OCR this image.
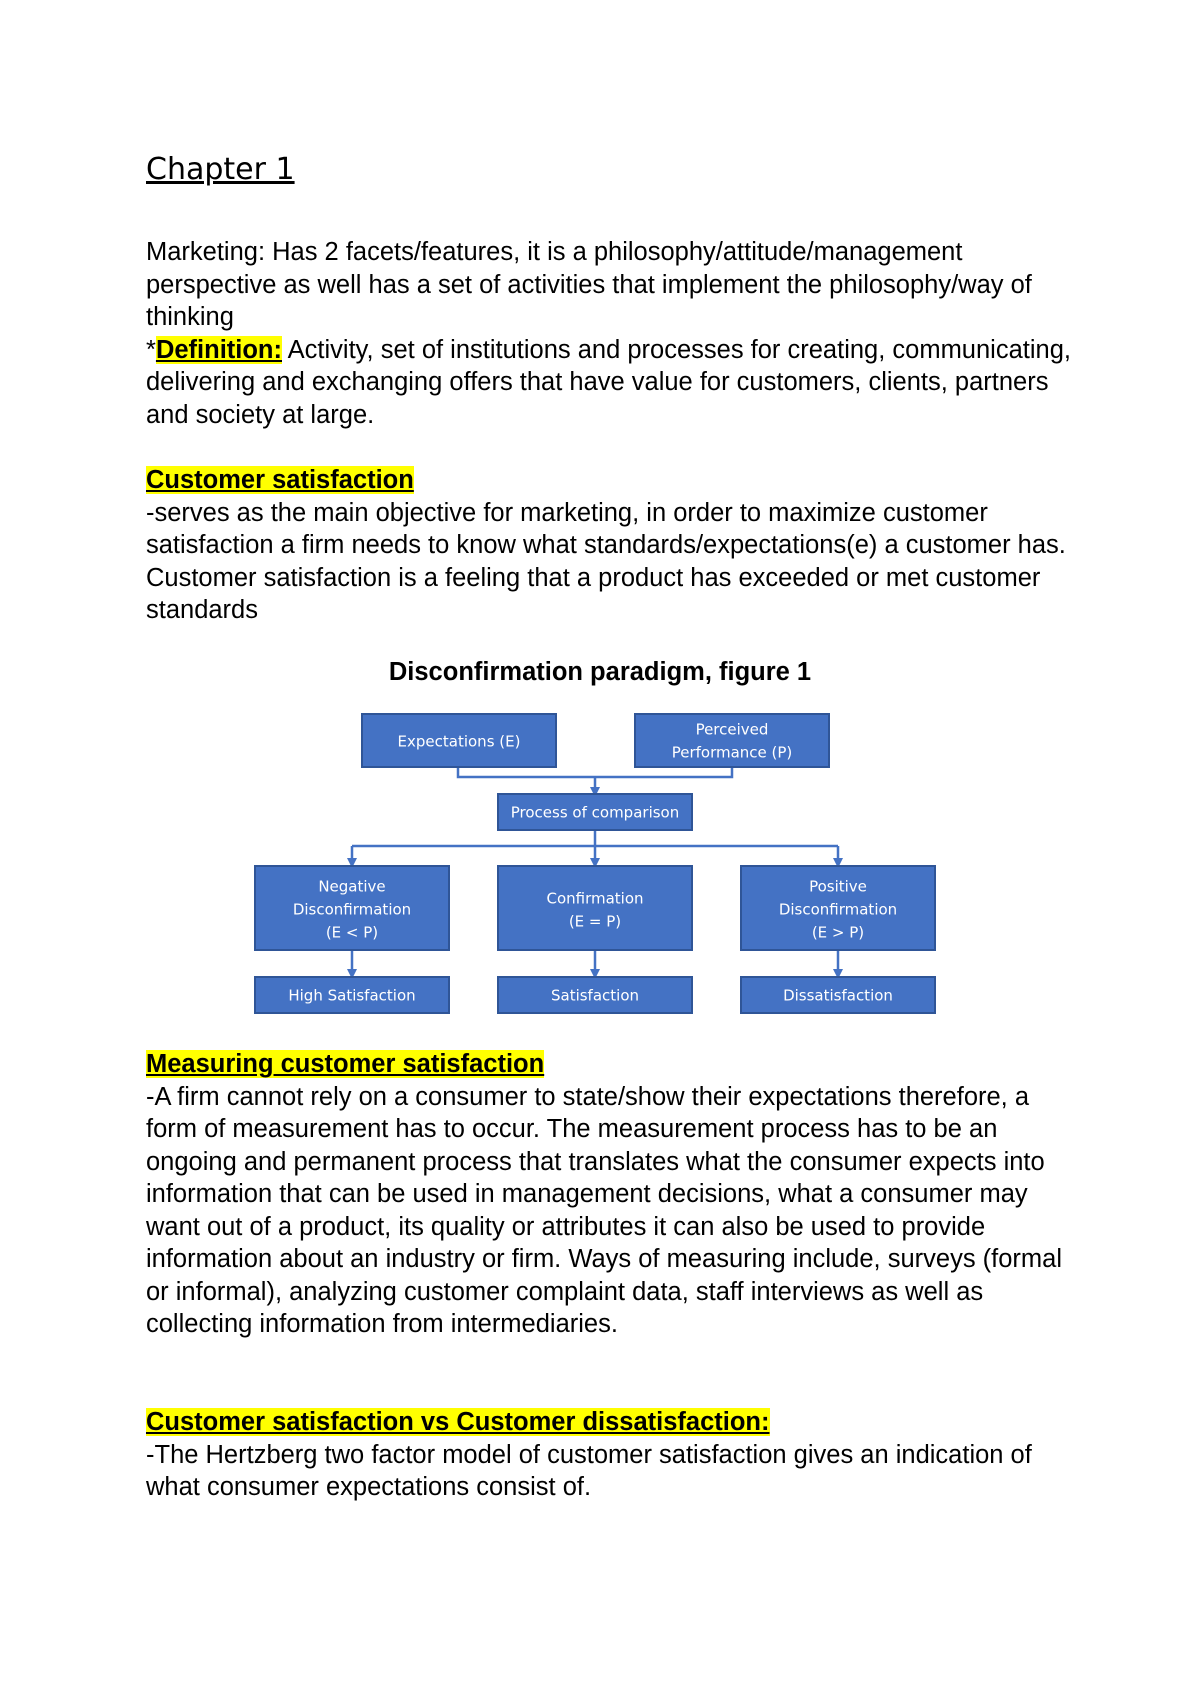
Chapter 1

Marketing: Has 2 facets/features, it is a philosophy/attitude/management perspective as well has a set of activities that implement the philosophy/way of thinking
*Definition: Activity, set of institutions and processes for creating, communicating, delivering and exchanging offers that have value for customers, clients, partners and society at large.

Customer satisfaction
-serves as the main objective for marketing, in order to maximize customer satisfaction a firm needs to know what standards/expectations(e) a customer has. Customer satisfaction is a feeling that a product has exceeded or met customer standards

Disconfirmation paradigm, figure 1
Expectations (E)
Perceived
Performance (P)
Process of comparison
Negative
Disconfirmation
(E < P)
Confirmation
(E = P)
Positive
Disconfirmation
(E > P)
High Satisfaction	Satisfaction	Dissatisfaction

Measuring customer satisfaction
-A firm cannot rely on a consumer to state/show their expectations therefore, a form of measurement has to occur. The measurement process has to be an ongoing and permanent process that translates what the consumer expects into information that can be used in management decisions, what a consumer may want out of a product, its quality or attributes it can also be used to provide information about an industry or firm. Ways of measuring include, surveys (formal or informal), analyzing customer complaint data, staff interviews as well as collecting information from intermediaries.

Customer satisfaction vs Customer dissatisfaction:
-The Hertzberg two factor model of customer satisfaction gives an indication of what consumer expectations consist of.
